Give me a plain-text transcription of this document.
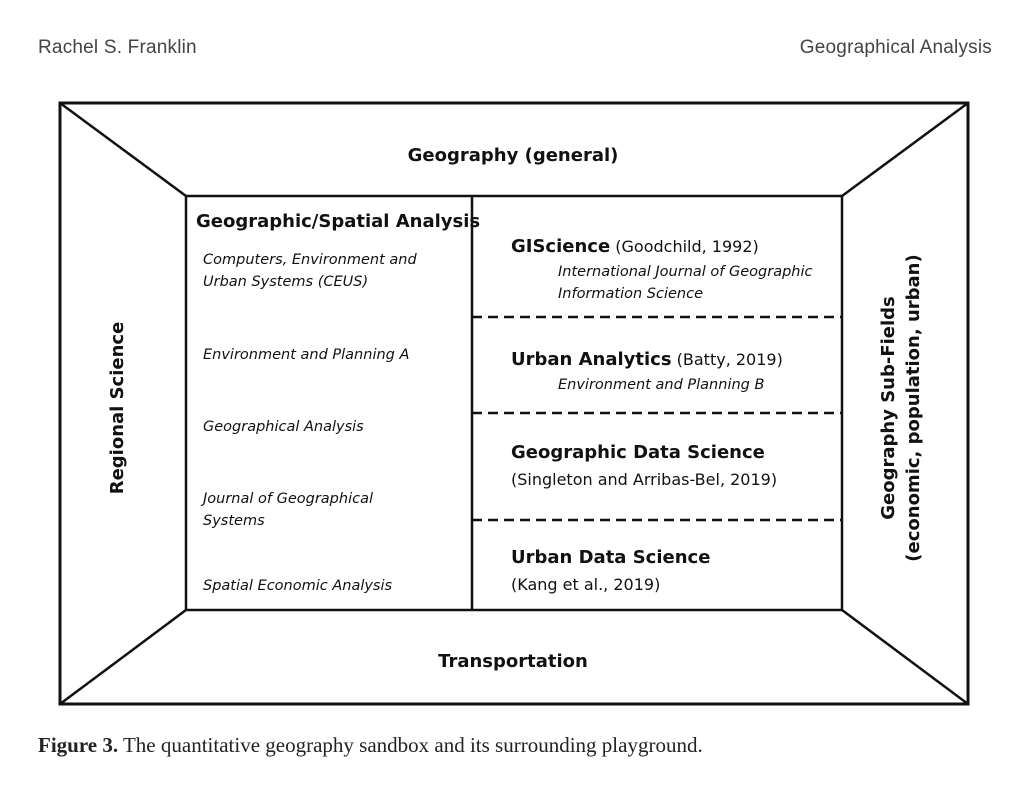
Rachel S. Franklin	Geographical Analysis
Geography (general)
Transportation
Regional Science	Geography Sub-Fields (economic, population, urban)
Geographic/Spatial Analysis
Computers, Environment and
Urban Systems (CEUS)
Environment and Planning A
Geographical Analysis
Journal of Geographical
Systems
Spatial Economic Analysis
GIScience (Goodchild, 1992)
International Journal of Geographic
Information Science
Urban Analytics (Batty, 2019)
Environment and Planning B
Geographic Data Science
(Singleton and Arribas-Bel, 2019)
Urban Data Science
(Kang et al., 2019)
Figure 3. The quantitative geography sandbox and its surrounding playground.
